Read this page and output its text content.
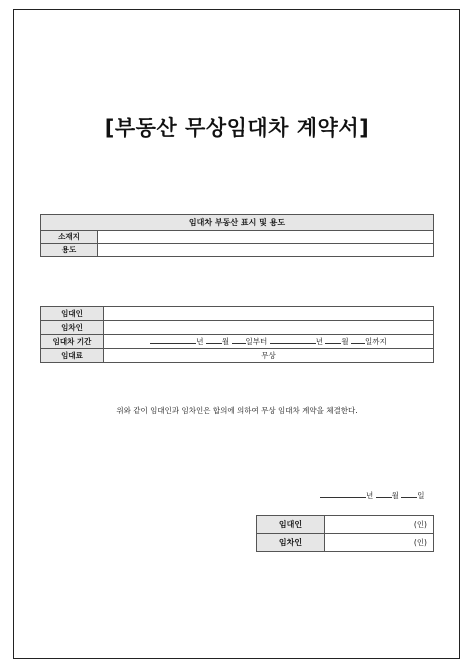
[부동산 무상임대차 계약서]
임대차 부동산 표시 및 용도	
소재지	
용도	
임대인	
임차인	
임대차 기간	년 월 일부터 년 월 일까지
임대료	무상
위와 같이 임대인과 임차인은 합의에 의하여 무상 임대차 계약을 체결한다.
년 월 일
임대인	(인)
임차인	(인)
